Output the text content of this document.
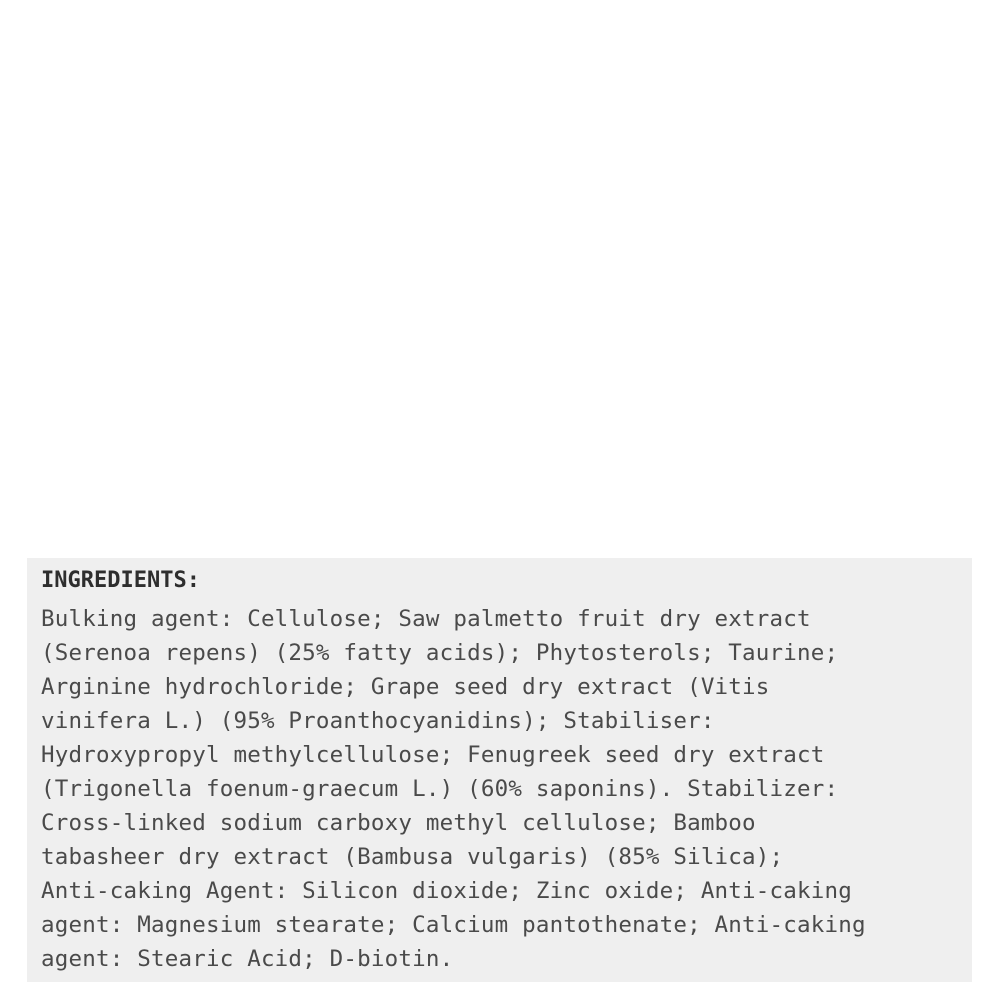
INGREDIENTS:
Bulking agent: Cellulose; Saw palmetto fruit dry extract
(Serenoa repens) (25% fatty acids); Phytosterols; Taurine;
Arginine hydrochloride; Grape seed dry extract (Vitis
vinifera L.) (95% Proanthocyanidins); Stabiliser:
Hydroxypropyl methylcellulose; Fenugreek seed dry extract
(Trigonella foenum-graecum L.) (60% saponins). Stabilizer:
Cross-linked sodium carboxy methyl cellulose; Bamboo
tabasheer dry extract (Bambusa vulgaris) (85% Silica);
Anti-caking Agent: Silicon dioxide; Zinc oxide; Anti-caking
agent: Magnesium stearate; Calcium pantothenate; Anti-caking
agent: Stearic Acid; D-biotin.
